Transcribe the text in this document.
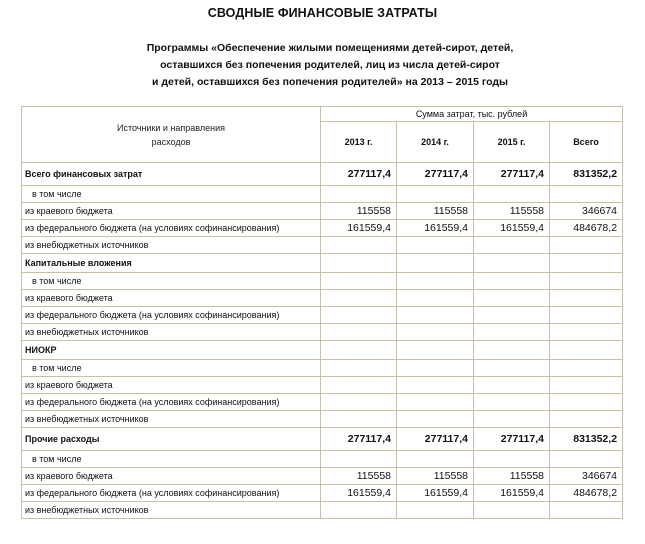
СВОДНЫЕ ФИНАНСОВЫЕ ЗАТРАТЫ
Программы «Обеспечение жилыми помещениями детей-сирот, детей,
оставшихся без попечения родителей, лиц из числа детей-сирот
и детей, оставшихся без попечения родителей» на 2013 – 2015 годы
Источники и направления
расходов	Сумма затрат, тыс. рублей			
	2013 г.	2014 г.	2015 г.	Всего
Всего финансовых затрат	277117,4	277117,4	277117,4	831352,2
в том числе				
из краевого бюджета	115558	115558	115558	346674
из федерального бюджета (на условиях софинансирования)	161559,4	161559,4	161559,4	484678,2
из внебюджетных источников				
Капитальные вложения				
в том числе				
из краевого бюджета				
из федерального бюджета (на условиях софинансирования)				
из внебюджетных источников				
НИОКР				
в том числе				
из краевого бюджета				
из федерального бюджета (на условиях софинансирования)				
из внебюджетных источников				
Прочие расходы	277117,4	277117,4	277117,4	831352,2
в том числе				
из краевого бюджета	115558	115558	115558	346674
из федерального бюджета (на условиях софинансирования)	161559,4	161559,4	161559,4	484678,2
из внебюджетных источников				
